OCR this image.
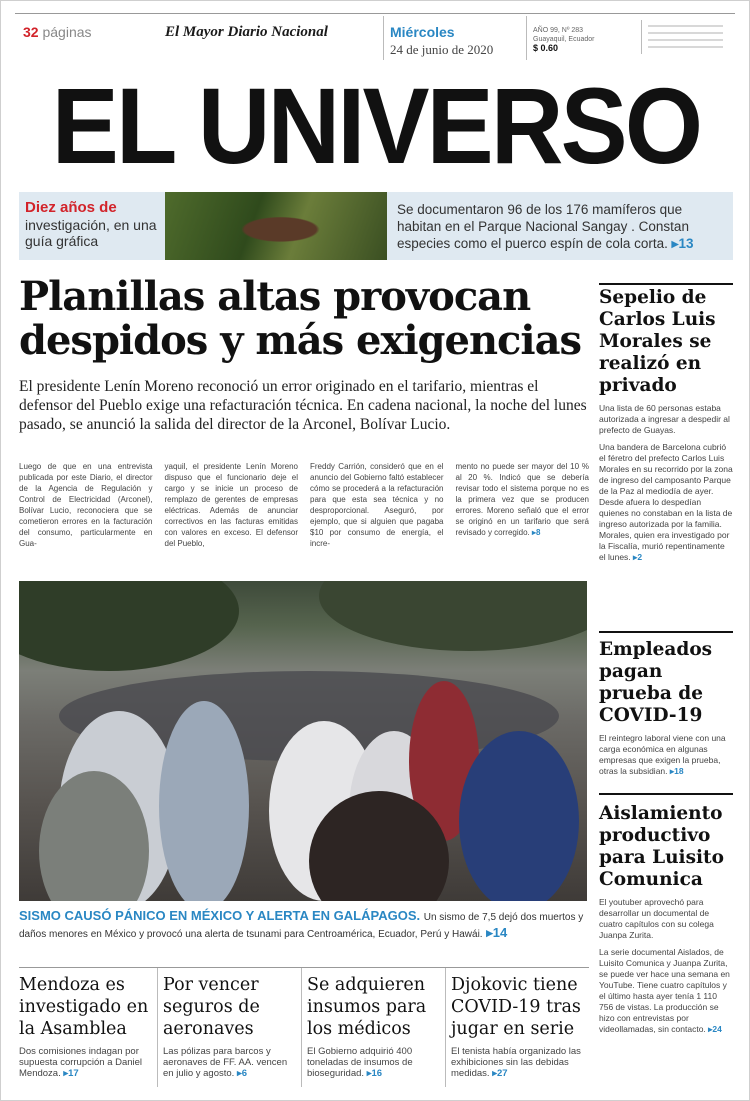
32 páginas	El Mayor Diario Nacional	Miércoles
24 de junio de 2020
AÑO 99, Nº 283
Guayaquil, Ecuador
$ 0.60
EL UNIVERSO
Diez años de
investigación, en una guía gráfica
Se documentaron 96 de los 176 mamíferos que habitan en el Parque Nacional Sangay . Constan especies como el puerco espín de cola corta. ▸13
Planillas altas provocan despidos y más exigencias
El presidente Lenín Moreno reconoció un error originado en el tarifario, mientras el defensor del Pueblo exige una refacturación técnica. En cadena nacional, la noche del lunes pasado, se anunció la salida del director de la Arconel, Bolívar Lucio.
Luego de que en una entrevista publicada por este Diario, el director de la Agencia de Regulación y Control de Electricidad (Arconel), Bolívar Lucio, reconociera que se cometieron errores en la facturación del consumo, particularmente en Gua-
yaquil, el presidente Lenín Moreno dispuso que el funcionario deje el cargo y se inicie un proceso de remplazo de gerentes de empresas eléctricas. Además de anunciar correctivos en las facturas emitidas con valores en exceso. El defensor del Pueblo,
Freddy Carrión, consideró que en el anuncio del Gobierno faltó establecer cómo se procederá a la refacturación para que esta sea técnica y no desproporcional. Aseguró, por ejemplo, que si alguien que pagaba $10 por consumo de energía, el incre-
mento no puede ser mayor del 10 % al 20 %. Indicó que se debería revisar todo el sistema porque no es la primera vez que se producen errores. Moreno señaló que el error se originó en un tarifario que será revisado y corregido. ▸8
SISMO CAUSÓ PÁNICO EN MÉXICO Y ALERTA EN GALÁPAGOS. Un sismo de 7,5 dejó dos muertos y daños menores en México y provocó una alerta de tsunami para Centroamérica, Ecuador, Perú y Hawái. ▸14
Sepelio de Carlos Luis Morales se realizó en privado

Una lista de 60 personas estaba autorizada a ingresar a despedir al prefecto de Guayas.

Una bandera de Barcelona cubrió el féretro del prefecto Carlos Luis Morales en su recorrido por la zona de ingreso del camposanto Parque de la Paz al mediodía de ayer. Desde afuera lo despedían quienes no constaban en la lista de ingreso autorizada por la familia. Morales, quien era investigado por la Fiscalía, murió repentinamente el lunes. ▸2

Empleados pagan prueba de COVID-19

El reintegro laboral viene con una carga económica en algunas empresas que exigen la prueba, otras la subsidian. ▸18

Aislamiento productivo para Luisito Comunica

El youtuber aprovechó para desarrollar un documental de cuatro capítulos con su colega Juanpa Zurita.

La serie documental Aislados, de Luisito Comunica y Juanpa Zurita, se puede ver hace una semana en YouTube. Tiene cuatro capítulos y el último hasta ayer tenía 1 110 756 de vistas. La producción se hizo con entrevistas por videollamadas, sin contacto. ▸24

Mendoza es investigado en la Asamblea

Dos comisiones indagan por supuesta corrupción a Daniel Mendoza. ▸17

Por vencer seguros de aeronaves

Las pólizas para barcos y aeronaves de FF. AA. vencen en julio y agosto. ▸6

Se adquieren insumos para los médicos

El Gobierno adquirió 400 toneladas de insumos de bioseguridad. ▸16

Djokovic tiene COVID-19 tras jugar en serie

El tenista había organizado las exhibiciones sin las debidas medidas. ▸27
